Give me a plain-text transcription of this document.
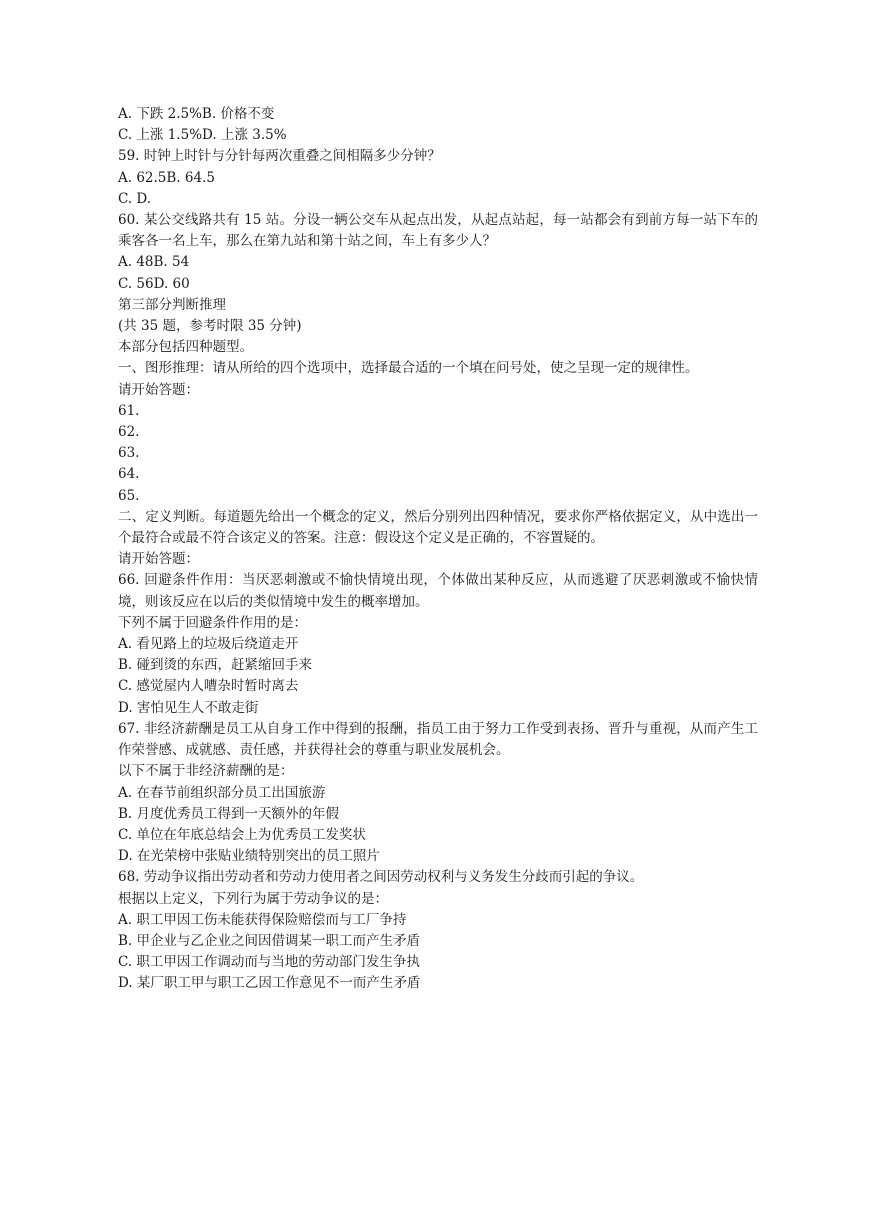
A. 下跌 2.5%B. 价格不变
C. 上涨 1.5%D. 上涨 3.5%
59. 时钟上时针与分针每两次重叠之间相隔多少分钟？
A. 62.5B. 64.5
C. D.
60. 某公交线路共有 15 站。分设一辆公交车从起点出发，从起点站起，每一站都会有到前方每一站下车的乘客各一名上车，那么在第九站和第十站之间，车上有多少人？
A. 48B. 54
C. 56D. 60
第三部分判断推理
(共 35 题，参考时限 35 分钟)
本部分包括四种题型。
一、图形推理：请从所给的四个选项中，选择最合适的一个填在问号处，使之呈现一定的规律性。
请开始答题：
61.
62.
63.
64.
65.
二、定义判断。每道题先给出一个概念的定义，然后分别列出四种情况，要求你严格依据定义，从中选出一个最符合或最不符合该定义的答案。注意：假设这个定义是正确的，不容置疑的。
请开始答题：
66. 回避条件作用：当厌恶刺激或不愉快情境出现，个体做出某种反应，从而逃避了厌恶刺激或不愉快情境，则该反应在以后的类似情境中发生的概率增加。
下列不属于回避条件作用的是：
A. 看见路上的垃圾后绕道走开
B. 碰到烫的东西，赶紧缩回手来
C. 感觉屋内人嘈杂时暂时离去
D. 害怕见生人不敢走街
67. 非经济薪酬是员工从自身工作中得到的报酬，指员工由于努力工作受到表扬、晋升与重视，从而产生工作荣誉感、成就感、责任感，并获得社会的尊重与职业发展机会。
以下不属于非经济薪酬的是：
A. 在春节前组织部分员工出国旅游
B. 月度优秀员工得到一天额外的年假
C. 单位在年底总结会上为优秀员工发奖状
D. 在光荣榜中张贴业绩特别突出的员工照片
68. 劳动争议指出劳动者和劳动力使用者之间因劳动权利与义务发生分歧而引起的争议。
根据以上定义，下列行为属于劳动争议的是：
A. 职工甲因工伤未能获得保险赔偿而与工厂争持
B. 甲企业与乙企业之间因借调某一职工而产生矛盾
C. 职工甲因工作调动而与当地的劳动部门发生争执
D. 某厂职工甲与职工乙因工作意见不一而产生矛盾
